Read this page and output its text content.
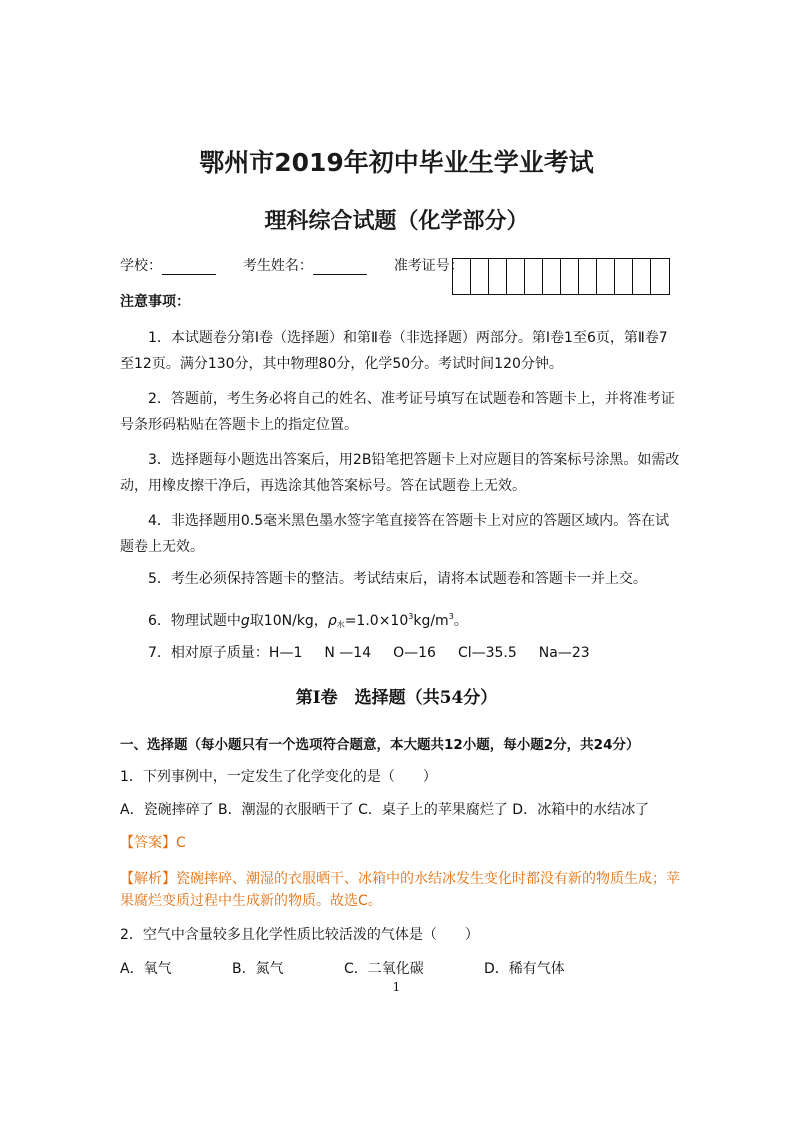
鄂州市2019年初中毕业生学业考试
理科综合试题（化学部分）
学校：	考生姓名：	准考证号：
注意事项：
1．本试题卷分第Ⅰ卷（选择题）和第Ⅱ卷（非选择题）两部分。第Ⅰ卷1至6页，第Ⅱ卷7至12页。满分130分，其中物理80分，化学50分。考试时间120分钟。
2．答题前，考生务必将自己的姓名、准考证号填写在试题卷和答题卡上，并将准考证号条形码粘贴在答题卡上的指定位置。
3．选择题每小题选出答案后，用2B铅笔把答题卡上对应题目的答案标号涂黑。如需改动，用橡皮擦干净后，再选涂其他答案标号。答在试题卷上无效。
4．非选择题用0.5毫米黑色墨水签字笔直接答在答题卡上对应的答题区域内。答在试题卷上无效。
5．考生必须保持答题卡的整洁。考试结束后，请将本试题卷和答题卡一并上交。
6．物理试题中g取10N/kg，$\rho_水=1.0\times 10^3kg/m^3$。
7．相对原子质量：H—1 N —14 O—16 Cl—35.5 Na—23
第Ⅰ卷　选择题（共54分）
一、选择题（每小题只有一个选项符合题意，本大题共12小题，每小题2分，共24分）
1．下列事例中，一定发生了化学变化的是（　　）
A．瓷碗摔碎了 B．潮湿的衣服晒干了 C．桌子上的苹果腐烂了 D．冰箱中的水结冰了
【答案】C
【解析】瓷碗摔碎、潮湿的衣服晒干、冰箱中的水结冰发生变化时都没有新的物质生成；苹果腐烂变质过程中生成新的物质。故选C。
2．空气中含量较多且化学性质比较活泼的气体是（　　）
A．氧气	B．氮气	C．二氧化碳	D．稀有气体
1
